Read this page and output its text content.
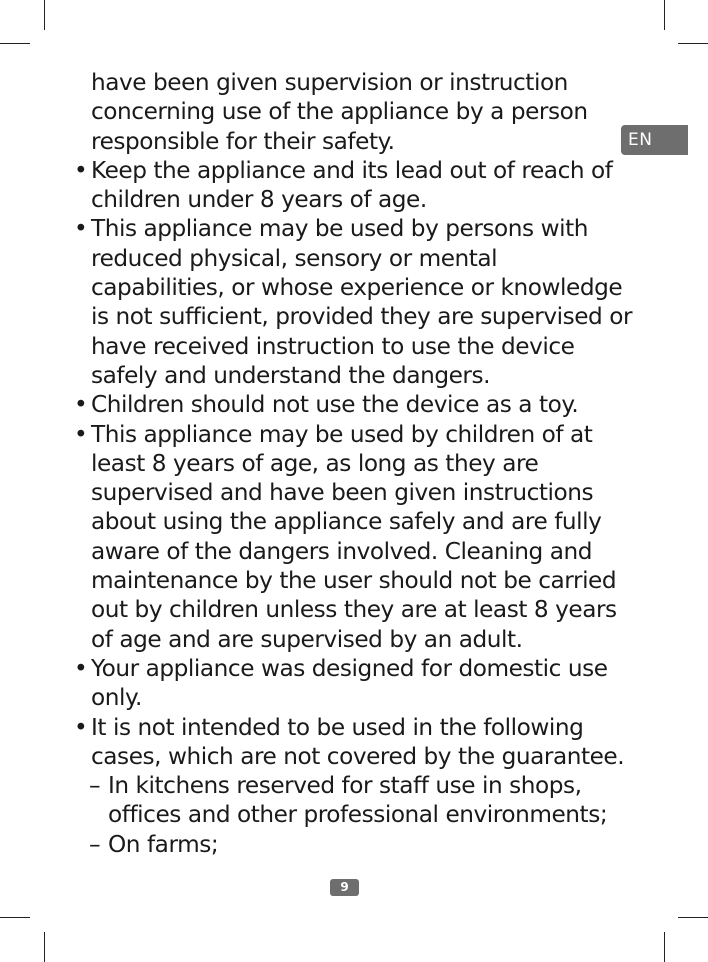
EN

have been given supervision or instruction concerning use of the appliance by a person responsible for their safety.

• Keep the appliance and its lead out of reach of children under 8 years of age.

• This appliance may be used by persons with reduced physical, sensory or mental capabilities, or whose experience or knowledge is not sufficient, provided they are supervised or have received instruction to use the device safely and understand the dangers.

• Children should not use the device as a toy.

• This appliance may be used by children of at least 8 years of age, as long as they are supervised and have been given instructions about using the appliance safely and are fully aware of the dangers involved. Cleaning and maintenance by the user should not be carried out by children unless they are at least 8 years of age and are supervised by an adult.

• Your appliance was designed for domestic use only.

• It is not intended to be used in the following cases, which are not covered by the guarantee.

– In kitchens reserved for staff use in shops, offices and other professional environments;

– On farms;

9
